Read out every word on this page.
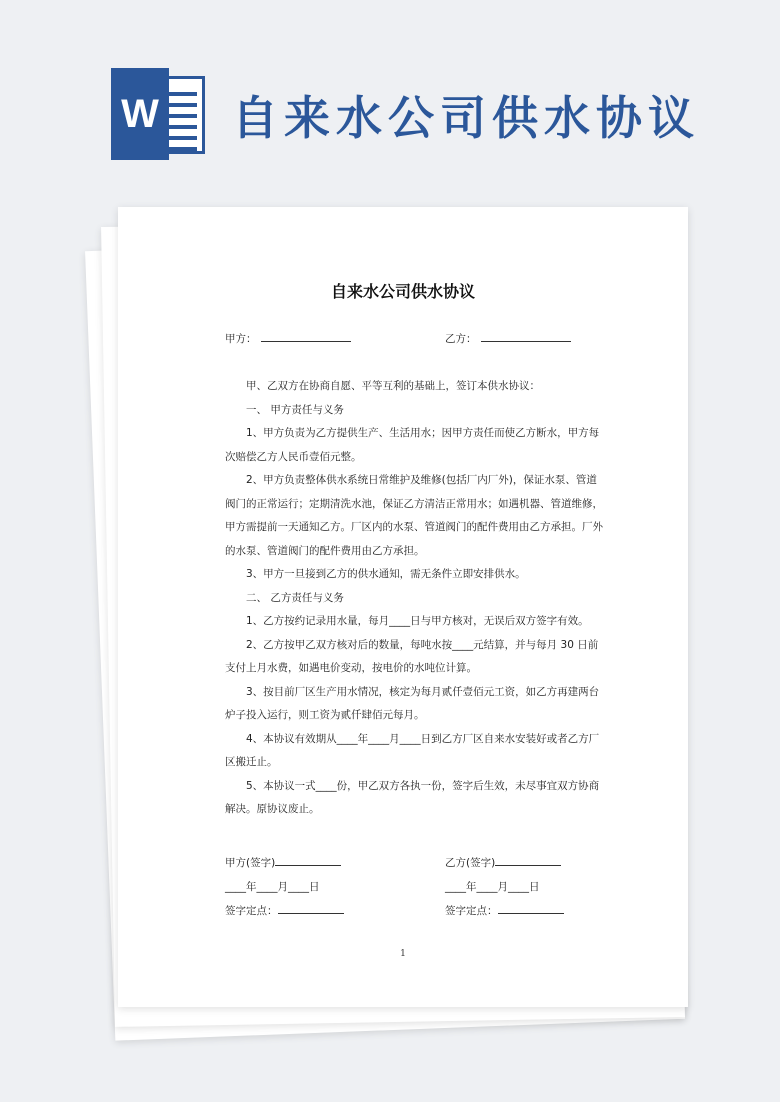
W 自来水公司供水协议
自来水公司供水协议
甲方：	乙方：

甲、乙双方在协商自愿、平等互利的基础上，签订本供水协议：

一、 甲方责任与义务

1、甲方负责为乙方提供生产、生活用水；因甲方责任而使乙方断水，甲方每次赔偿乙方人民币壹佰元整。

2、甲方负责整体供水系统日常维护及维修(包括厂内厂外)，保证水泵、管道阀门的正常运行；定期清洗水池，保证乙方清洁正常用水；如遇机器、管道维修，甲方需提前一天通知乙方。厂区内的水泵、管道阀门的配件费用由乙方承担。厂外的水泵、管道阀门的配件费用由乙方承担。

3、甲方一旦接到乙方的供水通知，需无条件立即安排供水。

二、 乙方责任与义务

1、乙方按约记录用水量，每月____日与甲方核对，无误后双方签字有效。

2、乙方按甲乙双方核对后的数量，每吨水按____元结算，并与每月 30 日前支付上月水费，如遇电价变动，按电价的水吨位计算。

3、按目前厂区生产用水情况，核定为每月贰仟壹佰元工资，如乙方再建两台炉子投入运行，则工资为贰仟肆佰元每月。

4、本协议有效期从____年____月____日到乙方厂区自来水安装好或者乙方厂区搬迁止。

5、本协议一式____份，甲乙双方各执一份，签字后生效，未尽事宜双方协商解决。原协议废止。

甲方(签字)
____年____月____日
签字定点：
乙方(签字)
____年____月____日
签字定点：
1
